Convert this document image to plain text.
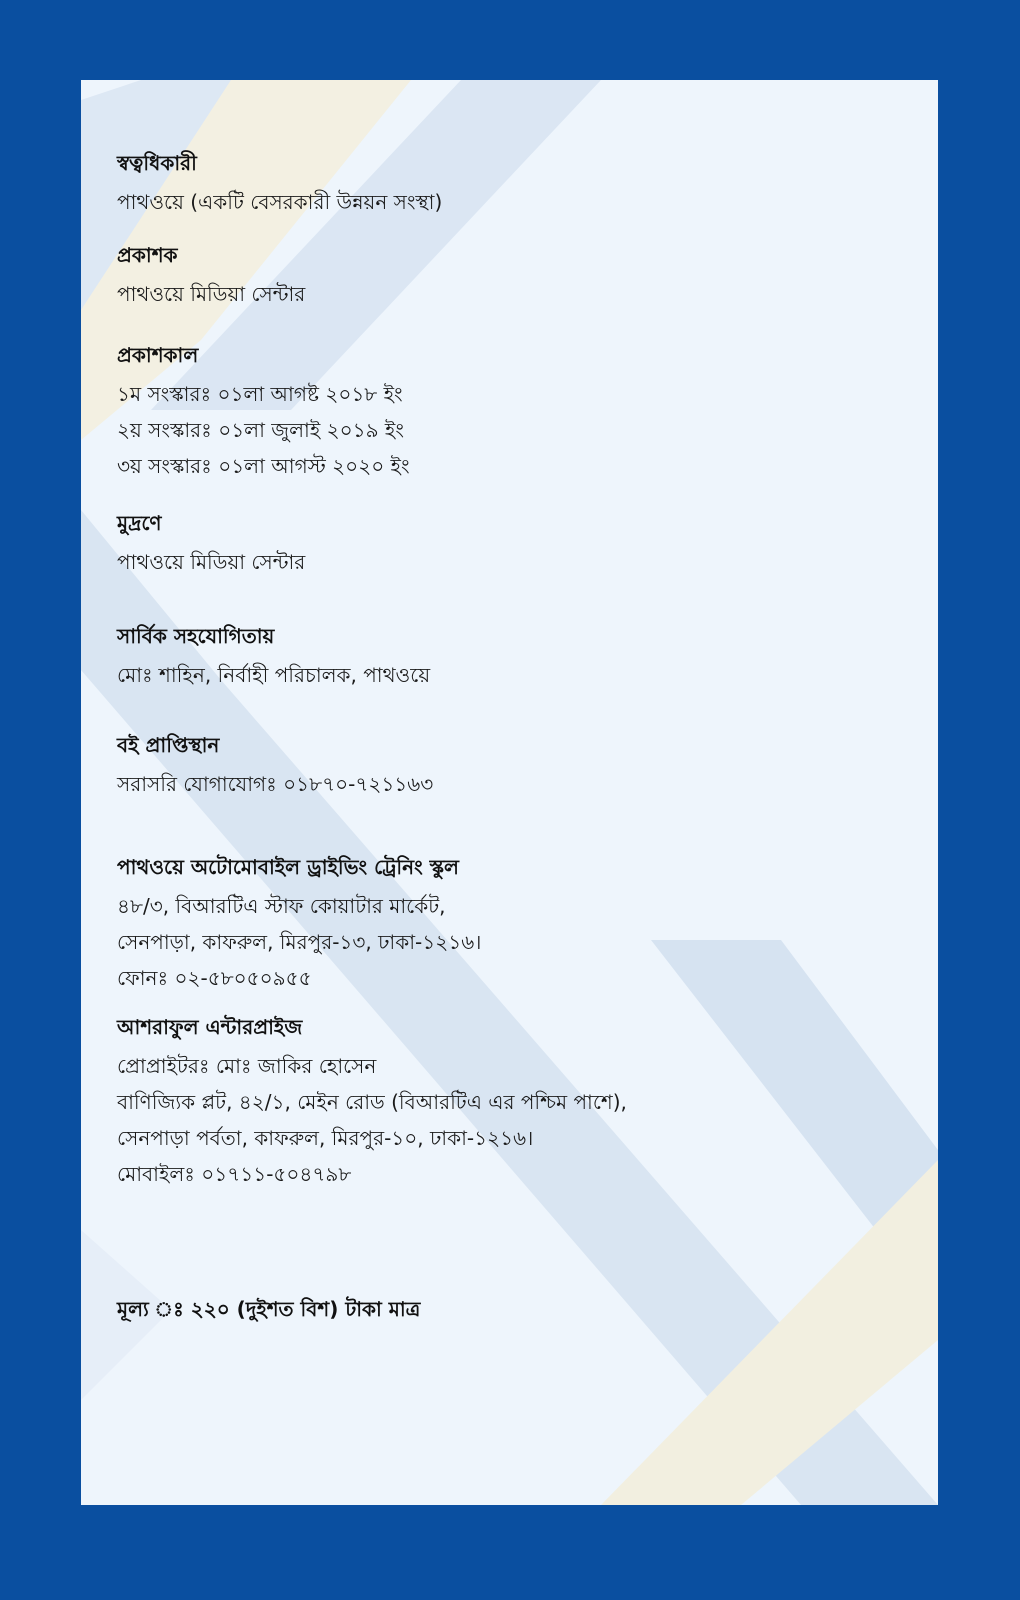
স্বত্বধিকারী
পাথওয়ে (একটি বেসরকারী উন্নয়ন সংস্থা)
প্রকাশক
পাথওয়ে মিডিয়া সেন্টার
প্রকাশকাল
১ম সংস্কারঃ ০১লা আগষ্ট ২০১৮ ইং
২য় সংস্কারঃ ০১লা জুলাই ২০১৯ ইং
৩য় সংস্কারঃ ০১লা আগস্ট ২০২০ ইং
মুদ্রণে
পাথওয়ে মিডিয়া সেন্টার
সার্বিক সহযোগিতায়
মোঃ শাহিন, নির্বাহী পরিচালক, পাথওয়ে
বই প্রাপ্তিস্থান
সরাসরি যোগাযোগঃ ০১৮৭০-৭২১১৬৩
পাথওয়ে অটোমোবাইল ড্রাইভিং ট্রেনিং স্কুল
৪৮/৩, বিআরটিএ স্টাফ কোয়াটার মার্কেট,
সেনপাড়া, কাফরুল, মিরপুর-১৩, ঢাকা-১২১৬।
ফোনঃ ০২-৫৮০৫০৯৫৫
আশরাফুল এন্টারপ্রাইজ
প্রোপ্রাইটরঃ মোঃ জাকির হোসেন
বাণিজ্যিক প্লট, ৪২/১, মেইন রোড (বিআরটিএ এর পশ্চিম পাশে),
সেনপাড়া পর্বতা, কাফরুল, মিরপুর-১০, ঢাকা-১২১৬।
মোবাইলঃ ০১৭১১-৫০৪৭৯৮
মূল্য ঃ ২২০ (দুইশত বিশ) টাকা মাত্র
